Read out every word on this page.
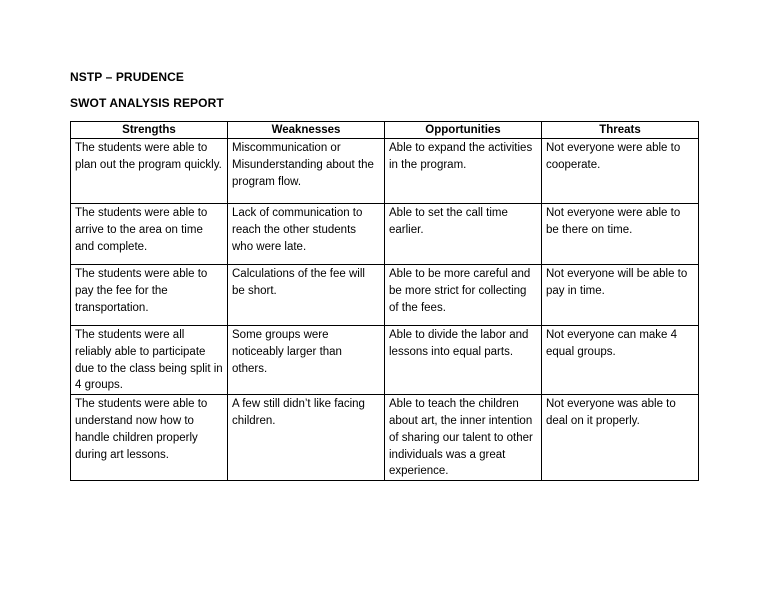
NSTP – PRUDENCE
SWOT ANALYSIS REPORT
Strengths	Weaknesses	Opportunities	Threats
The students were able to plan out the program quickly.	Miscommunication or Misunderstanding about the program flow.	Able to expand the activities in the program.	Not everyone were able to cooperate.
The students were able to arrive to the area on time and complete.	Lack of communication to reach the other students who were late.	Able to set the call time earlier.	Not everyone were able to be there on time.
The students were able to pay the fee for the transportation.	Calculations of the fee will be short.	Able to be more careful and be more strict for collecting of the fees.	Not everyone will be able to pay in time.
The students were all reliably able to participate due to the class being split in 4 groups.	Some groups were noticeably larger than others.	Able to divide the labor and lessons into equal parts.	Not everyone can make 4 equal groups.
The students were able to understand now how to handle children properly during art lessons.	A few still didn’t like facing children.	Able to teach the children about art, the inner intention of sharing our talent to other individuals was a great experience.	Not everyone was able to deal on it properly.
